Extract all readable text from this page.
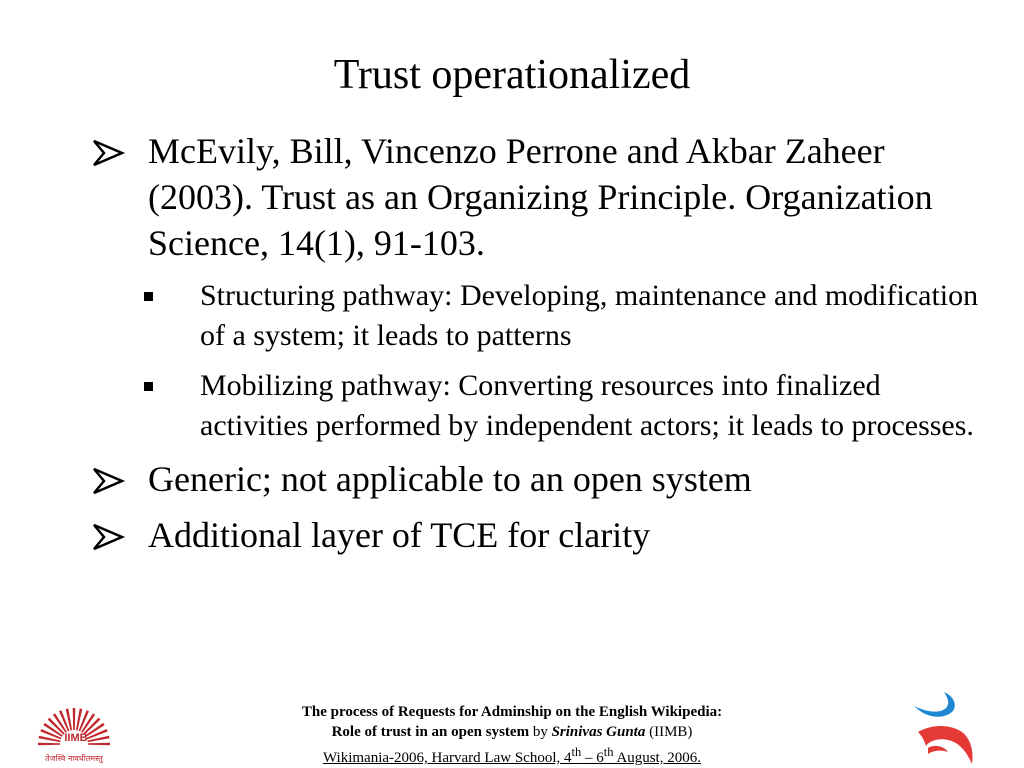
Trust operationalized
McEvily, Bill, Vincenzo Perrone and Akbar Zaheer (2003). Trust as an Organizing Principle. Organization Science, 14(1), 91-103.
Structuring pathway: Developing, maintenance and modification of a system; it leads to patterns
Mobilizing pathway: Converting resources into finalized activities performed by independent actors; it leads to processes.
Generic; not applicable to an open system
Additional layer of TCE for clarity
IIMB
तेजस्वि नावधीतमस्तु
The process of Requests for Adminship on the English Wikipedia:
Role of trust in an open system by Srinivas Gunta (IIMB)
Wikimania-2006, Harvard Law School, 4th – 6th August, 2006.
